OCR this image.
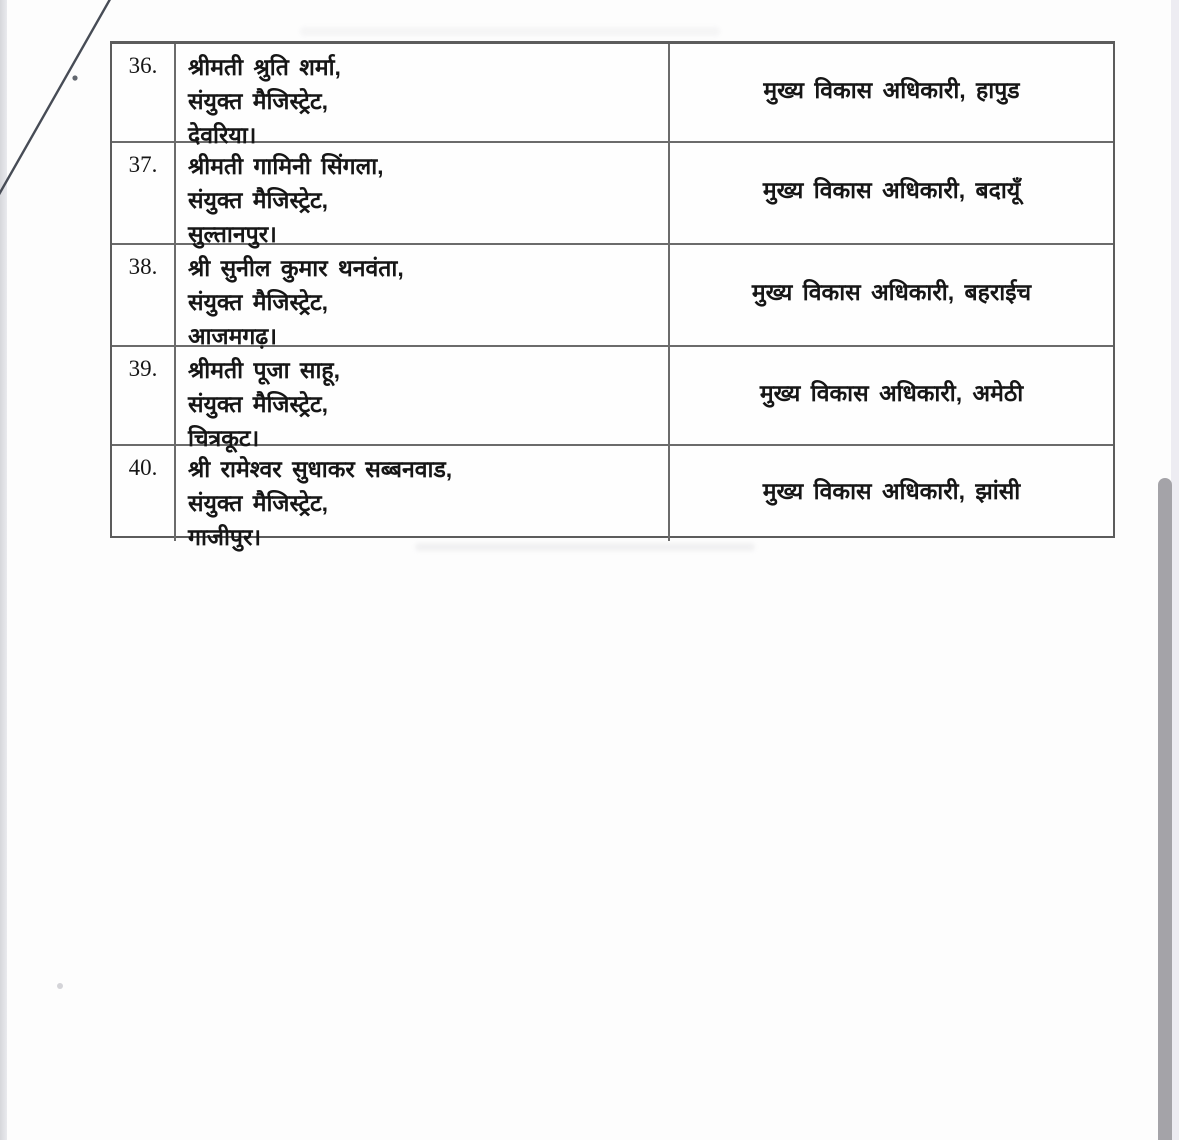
36.	श्रीमती श्रुति शर्मा,
संयुक्त मैजिस्ट्रेट,
देवरिया।
मुख्य विकास अधिकारी, हापुड
37.	श्रीमती गामिनी सिंगला,
संयुक्त मैजिस्ट्रेट,
सुल्तानपुर।
मुख्य विकास अधिकारी, बदायूँ
38.	श्री सुनील कुमार थनवंता,
संयुक्त मैजिस्ट्रेट,
आजमगढ़।
मुख्य विकास अधिकारी, बहराईच
39.	श्रीमती पूजा साहू,
संयुक्त मैजिस्ट्रेट,
चित्रकूट।
मुख्य विकास अधिकारी, अमेठी
40.	श्री रामेश्वर सुधाकर सब्बनवाड,
संयुक्त मैजिस्ट्रेट,
गाजीपुर।
मुख्य विकास अधिकारी, झांसी
